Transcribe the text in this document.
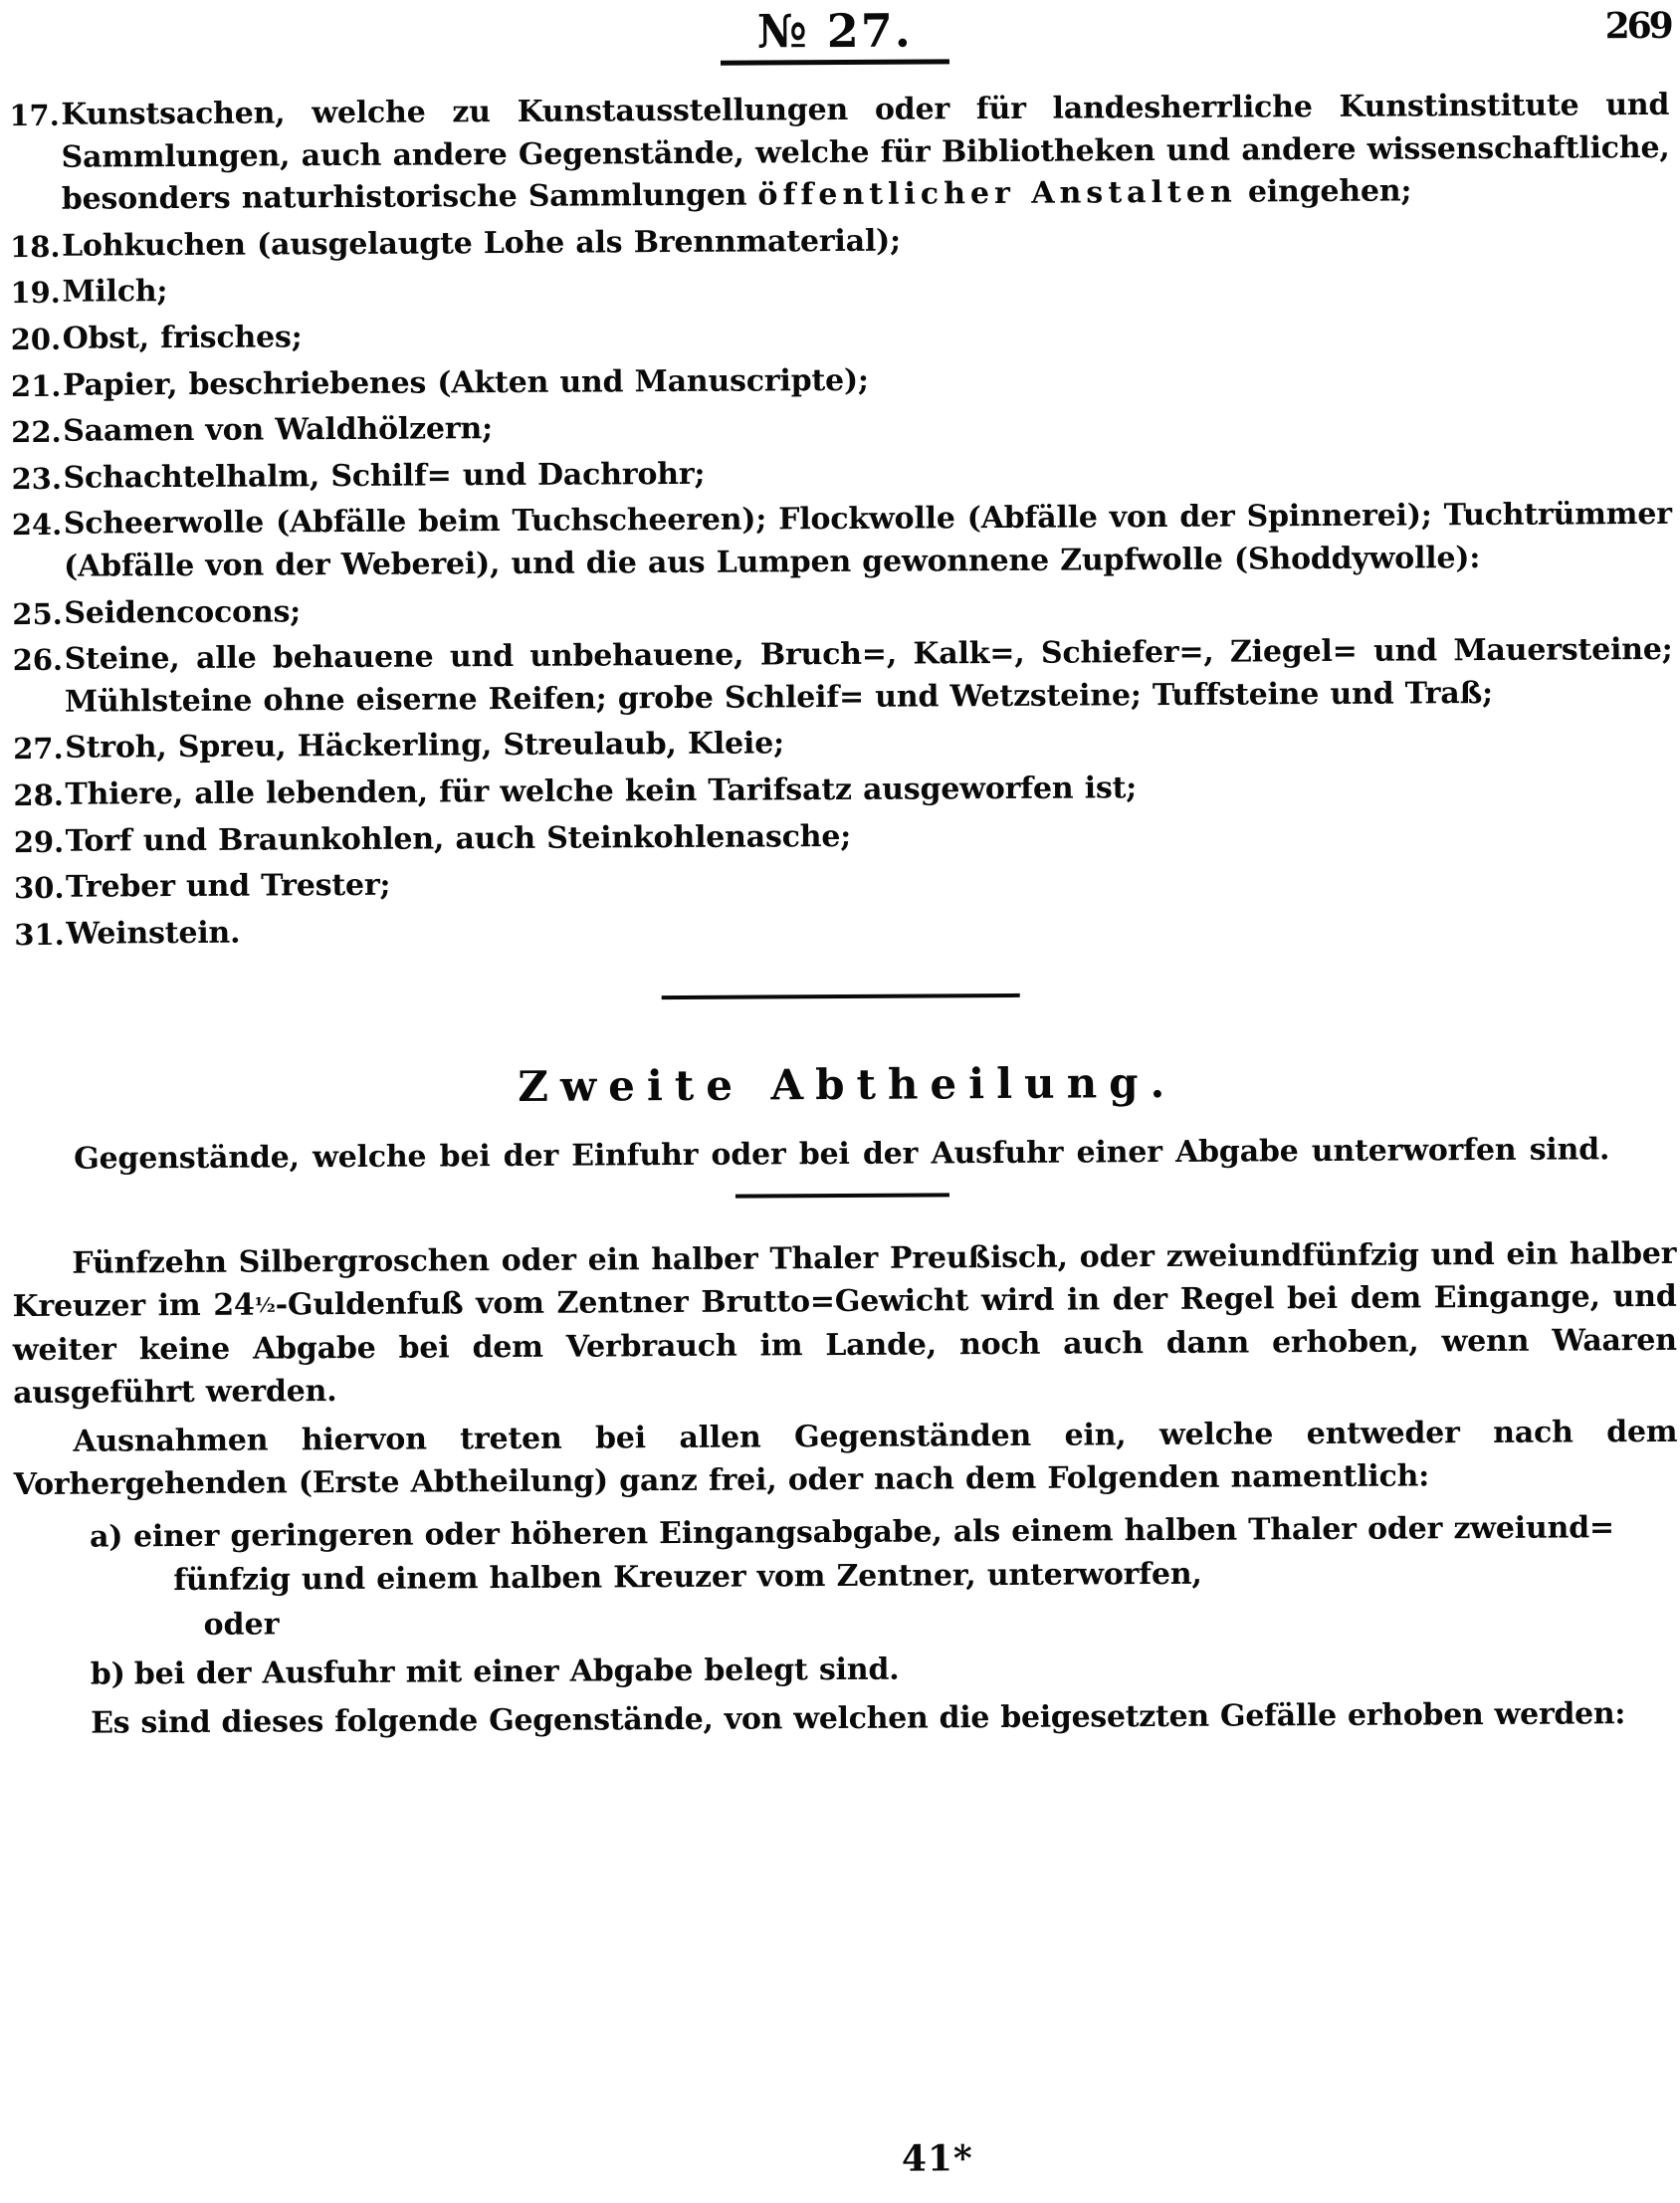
№ 27.	269
17. Kunstsachen, welche zu Kunstausstellungen oder für landesherrliche Kunstinstitute und Sammlungen, auch andere Gegenstände, welche für Bibliotheken und andere wissenschaftliche, besonders naturhistorische Sammlungen öffentlicher Anstalten eingehen;
18. Lohkuchen (ausgelaugte Lohe als Brennmaterial);
19. Milch;
20. Obst, frisches;
21. Papier, beschriebenes (Akten und Manuscripte);
22. Saamen von Waldhölzern;
23. Schachtelhalm, Schilf= und Dachrohr;
24. Scheerwolle (Abfälle beim Tuchscheeren); Flockwolle (Abfälle von der Spinnerei); Tuchtrümmer (Abfälle von der Weberei), und die aus Lumpen gewonnene Zupfwolle (Shoddywolle):
25. Seidencocons;
26. Steine, alle behauene und unbehauene, Bruch=, Kalk=, Schiefer=, Ziegel= und Mauersteine; Mühlsteine ohne eiserne Reifen; grobe Schleif= und Wetzsteine; Tuffsteine und Traß;
27. Stroh, Spreu, Häckerling, Streulaub, Kleie;
28. Thiere, alle lebenden, für welche kein Tarifsatz ausgeworfen ist;
29. Torf und Braunkohlen, auch Steinkohlenasche;
30. Treber und Trester;
31. Weinstein.
Zweite Abtheilung.

Gegenstände, welche bei der Einfuhr oder bei der Ausfuhr einer Abgabe unterworfen sind.

Fünfzehn Silbergroschen oder ein halber Thaler Preußisch, oder zweiundfünfzig und ein halber Kreuzer im 24½-Guldenfuß vom Zentner Brutto=Gewicht wird in der Regel bei dem Eingange, und weiter keine Abgabe bei dem Verbrauch im Lande, noch auch dann erhoben, wenn Waaren ausgeführt werden.

Ausnahmen hiervon treten bei allen Gegenständen ein, welche entweder nach dem Vorhergehenden (Erste Abtheilung) ganz frei, oder nach dem Folgenden namentlich:

a) einer geringeren oder höheren Eingangsabgabe, als einem halben Thaler oder zweiund=
fünfzig und einem halben Kreuzer vom Zentner, unterworfen,
oder
b) bei der Ausfuhr mit einer Abgabe belegt sind.

Es sind dieses folgende Gegenstände, von welchen die beigesetzten Gefälle erhoben werden:

41*
